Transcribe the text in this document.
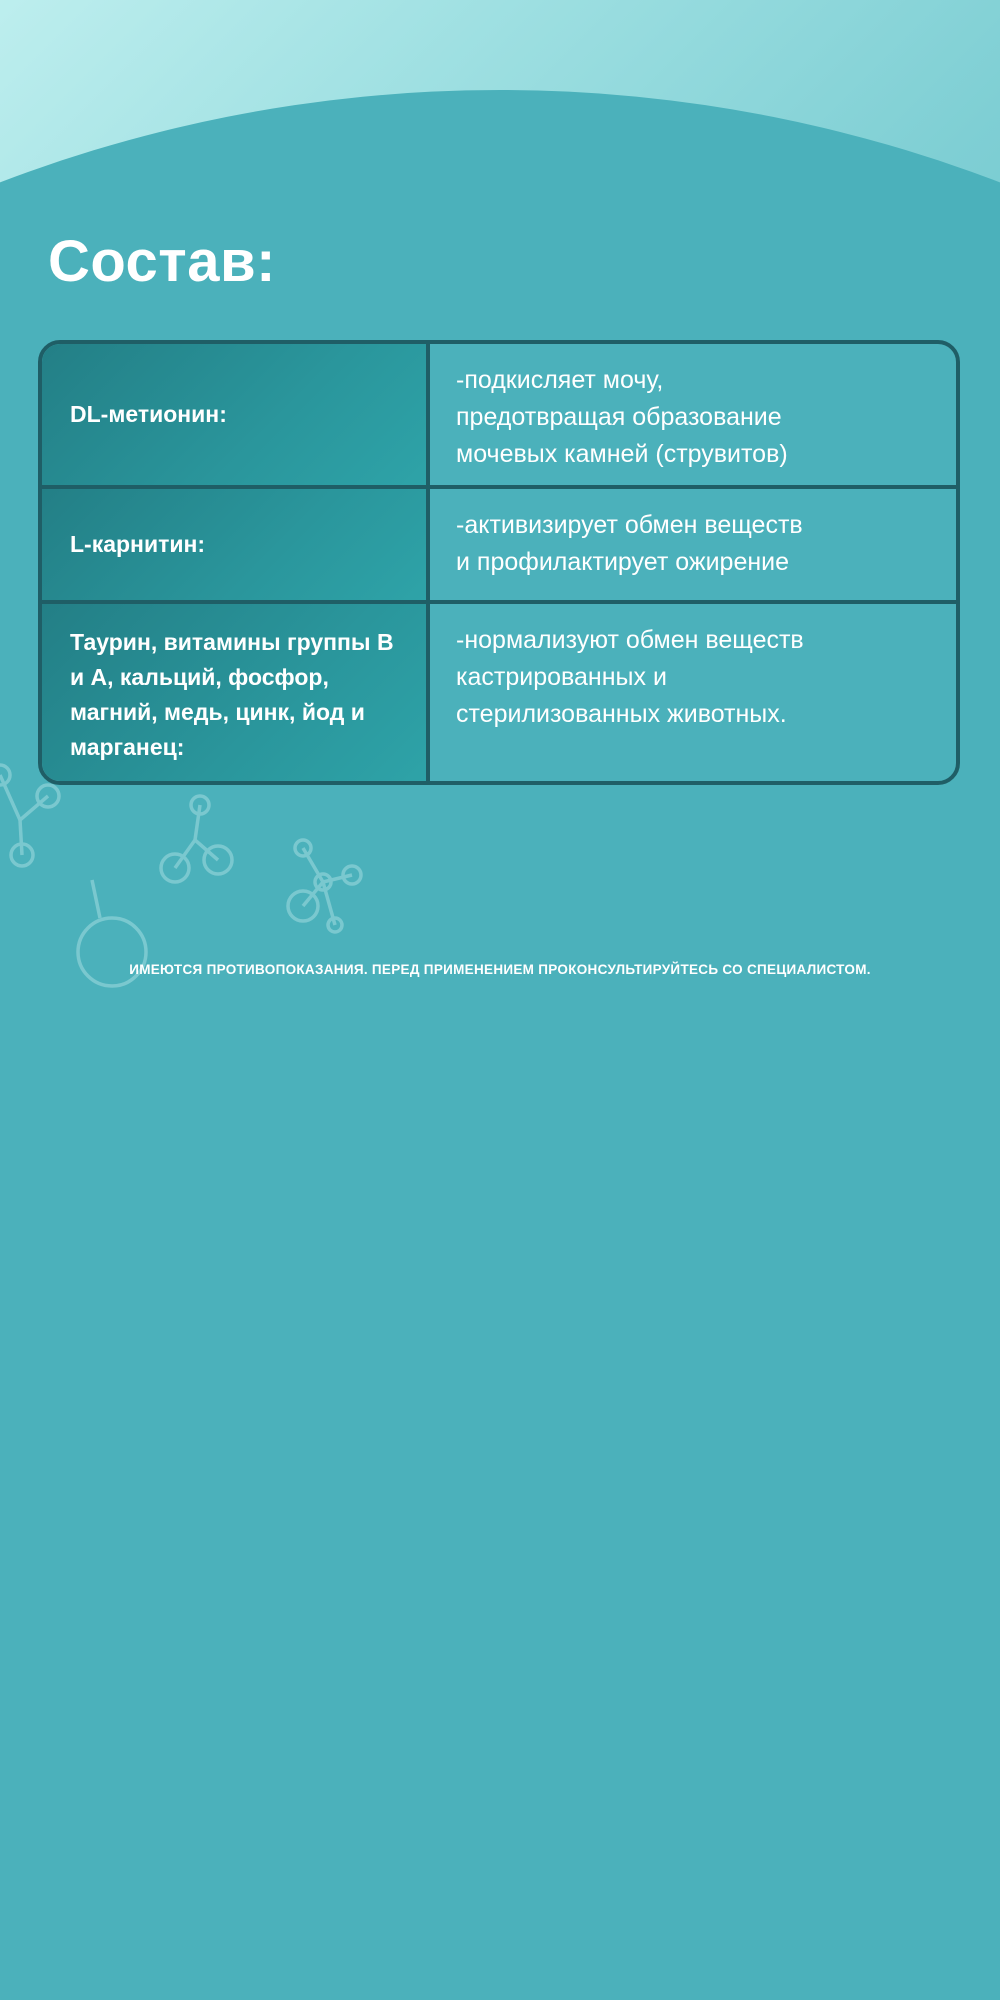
Состав:
DL-метионин:
-подкисляет мочу,
предотвращая образование
мочевых камней (струвитов)
L-карнитин:
-активизирует обмен веществ
и профилактирует ожирение
Таурин, витамины группы В и А, кальций, фосфор, магний, медь, цинк, йод и марганец:
-нормализуют обмен веществ
кастрированных и
стерилизованных животных.
ИМЕЮТСЯ ПРОТИВОПОКАЗАНИЯ. ПЕРЕД ПРИМЕНЕНИЕМ ПРОКОНСУЛЬТИРУЙТЕСЬ СО СПЕЦИАЛИСТОМ.
